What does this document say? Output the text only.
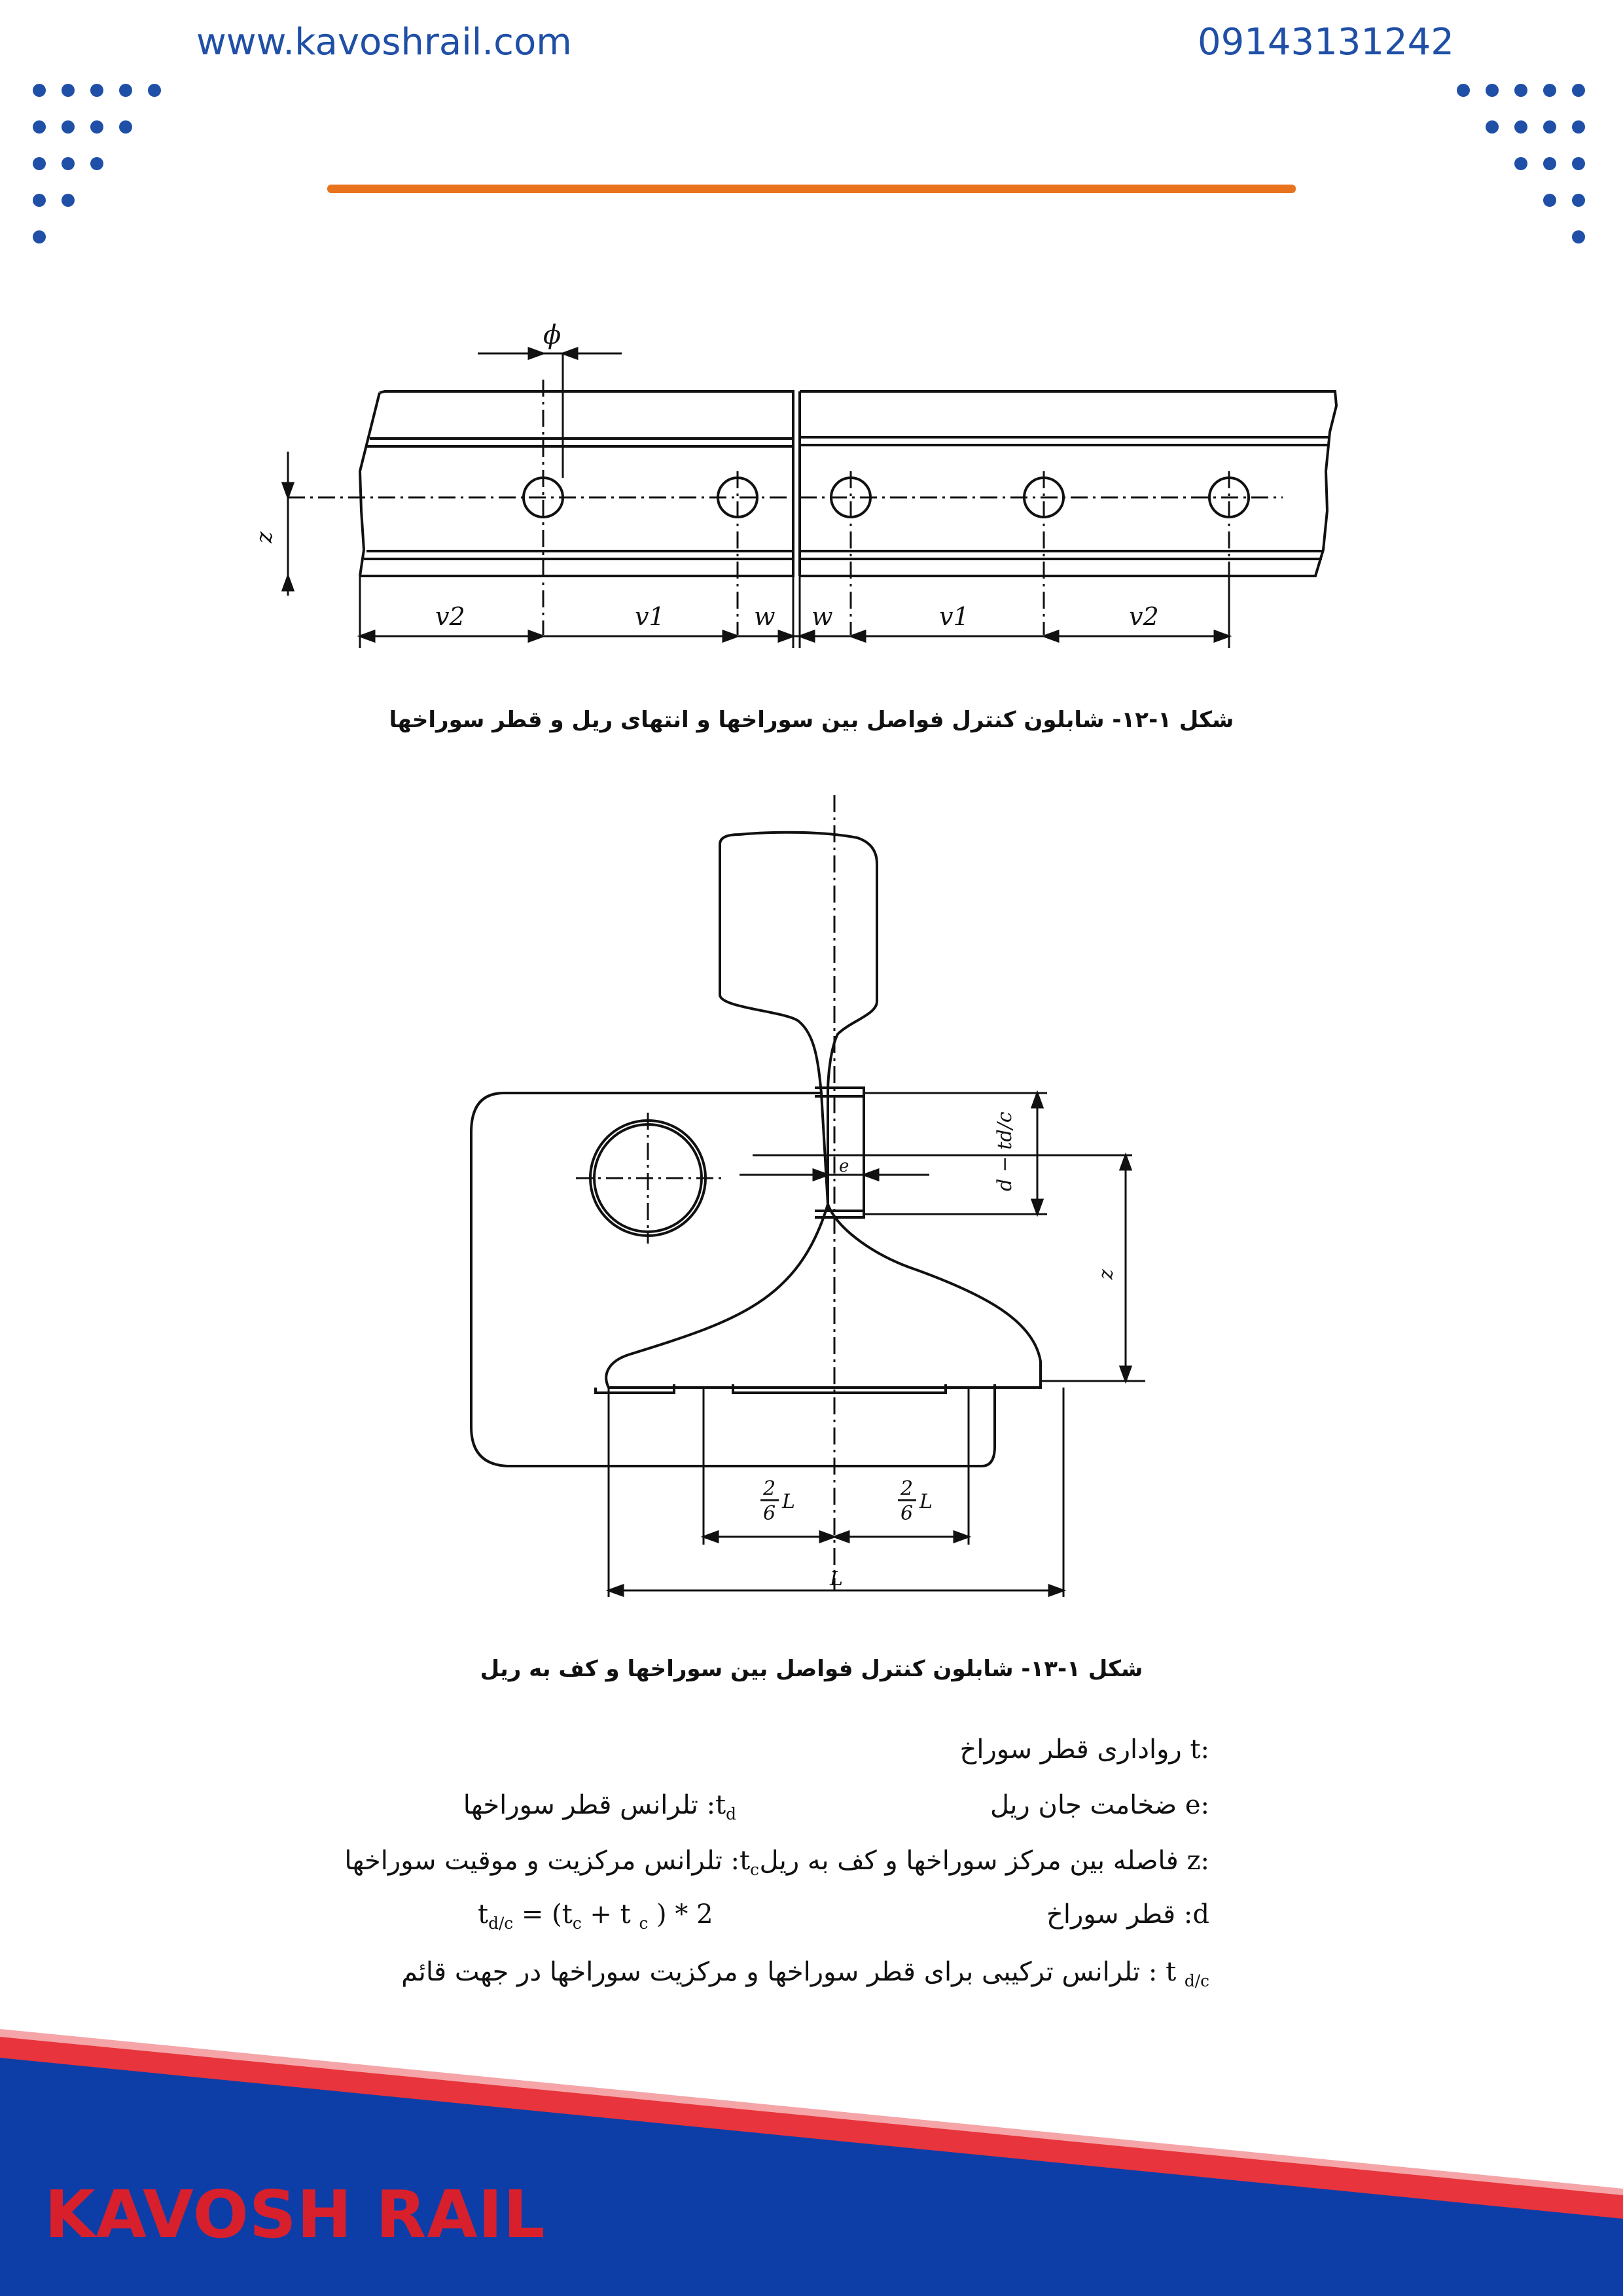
www.kavoshrail.com	09143131242
ϕ
z
v2	v1	w w	v1	v2
شکل ۱-۱۲- شابلون کنترل فواصل بین سوراخها و انتهای ریل و قطر سوراخها
d − td/c
e
z
2
6
L
2
6
L
L
شکل ۱-۱۳- شابلون کنترل فواصل بین سوراخها و کف به ریل
t: رواداری قطر سوراخ
e: ضخامت جان ریل
$:t_d$ تلرانس قطر سوراخها
z: فاصله بین مرکز سوراخها و کف به ریل
$:t_c$ تلرانس مرکزیت و موقیت سوراخها
:d قطر سوراخ
$t_{d/c} = (t_c + t$ $_c$ ) * 2
t $_{d/c}$ : تلرانس ترکیبی برای قطر سوراخها و مرکزیت سوراخها در جهت قائم
KAVOSH RAIL
